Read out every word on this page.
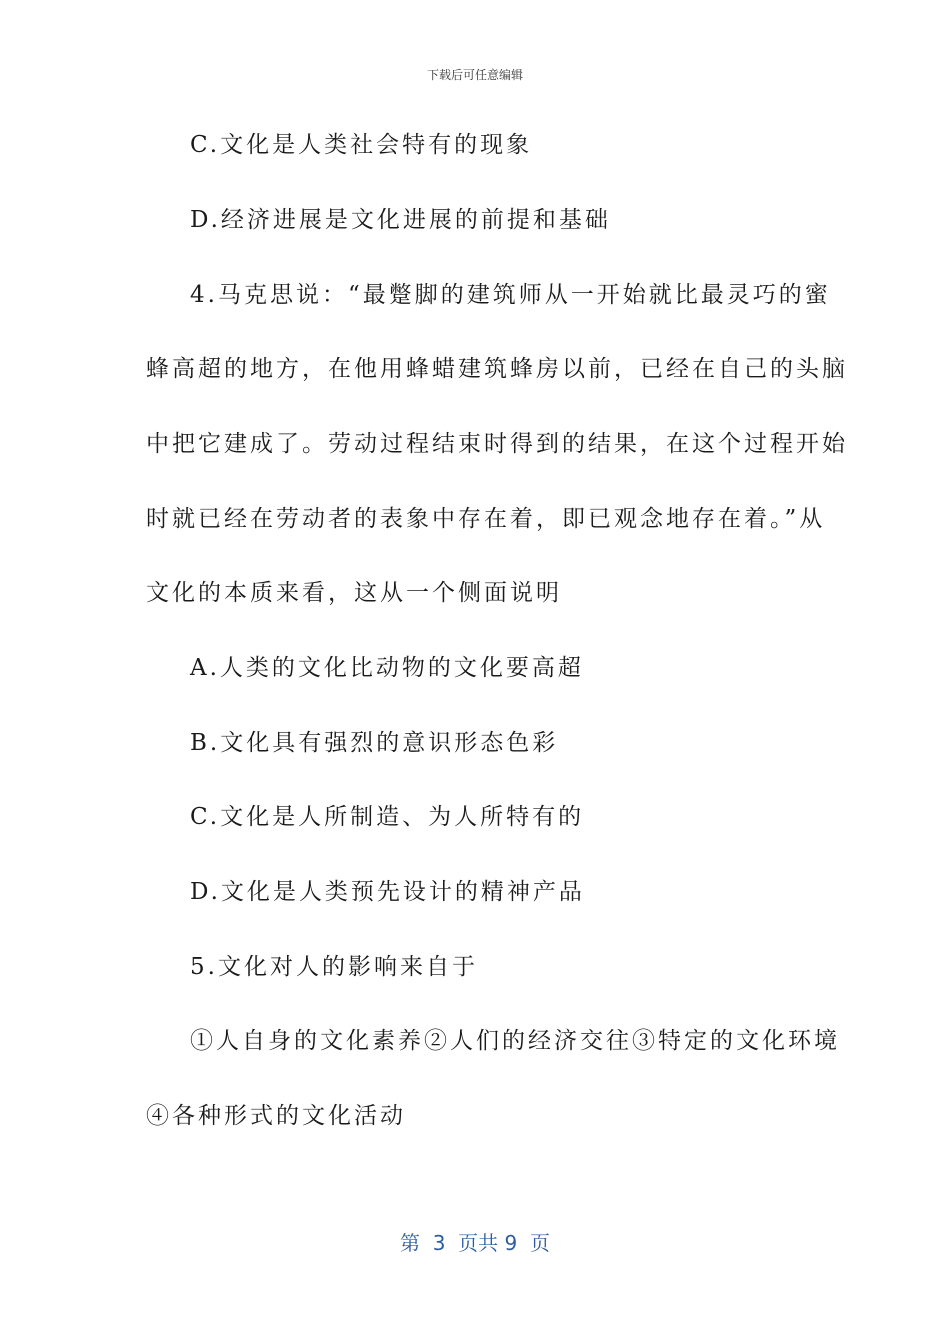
下载后可任意编辑
C.文化是人类社会特有的现象
D.经济进展是文化进展的前提和基础
4.马克思说：“最蹩脚的建筑师从一开始就比最灵巧的蜜
蜂高超的地方，在他用蜂蜡建筑蜂房以前，已经在自己的头脑
中把它建成了。劳动过程结束时得到的结果，在这个过程开始
时就已经在劳动者的表象中存在着，即已观念地存在着。”从
文化的本质来看，这从一个侧面说明
A.人类的文化比动物的文化要高超
B.文化具有强烈的意识形态色彩
C.文化是人所制造、为人所特有的
D.文化是人类预先设计的精神产品
5.文化对人的影响来自于
①人自身的文化素养②人们的经济交往③特定的文化环境
④各种形式的文化活动
第  3  页共 9  页
